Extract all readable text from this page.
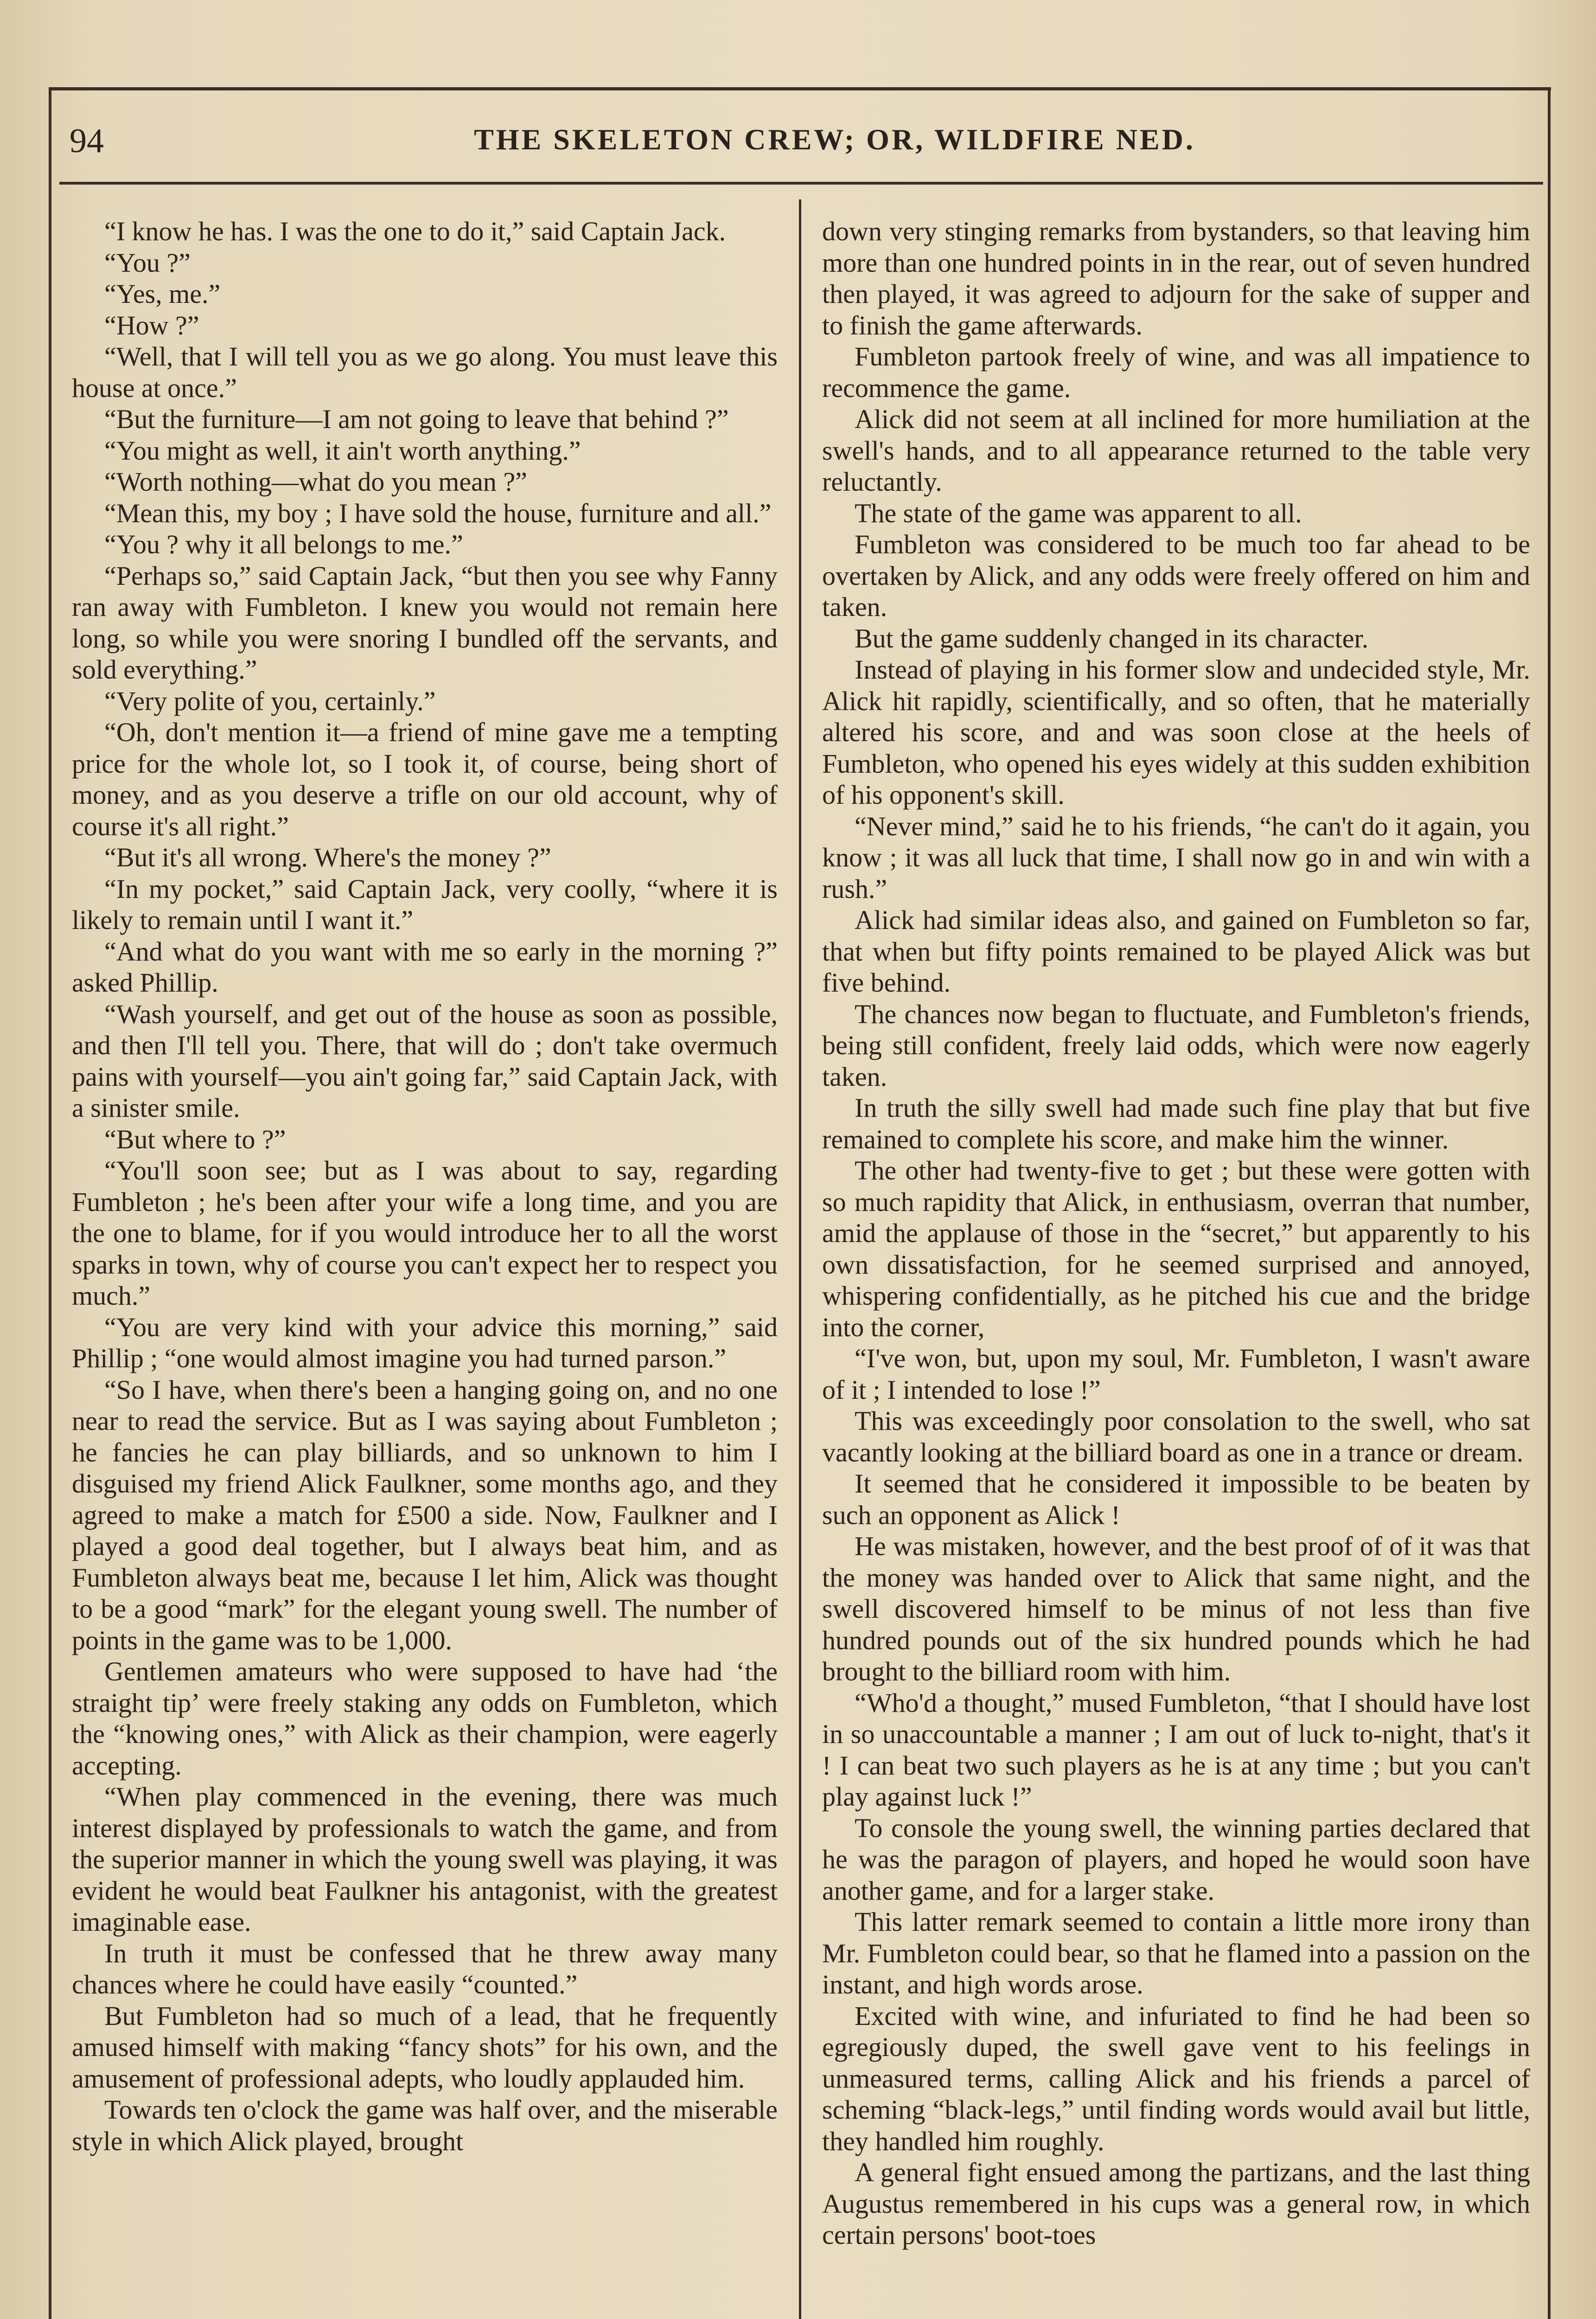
94	THE SKELETON CREW; OR, WILDFIRE NED.

“I know he has. I was the one to do it,” said Captain Jack.

“You ?”

“Yes, me.”

“How ?”

“Well, that I will tell you as we go along. You must leave this house at once.”

“But the furniture—I am not going to leave that behind ?”

“You might as well, it ain't worth anything.”

“Worth nothing—what do you mean ?”

“Mean this, my boy ; I have sold the house, furniture and all.”

“You ? why it all belongs to me.”

“Perhaps so,” said Captain Jack, “but then you see why Fanny ran away with Fumbleton. I knew you would not remain here long, so while you were snoring I bundled off the servants, and sold everything.”

“Very polite of you, certainly.”

“Oh, don't mention it—a friend of mine gave me a tempting price for the whole lot, so I took it, of course, being short of money, and as you deserve a trifle on our old account, why of course it's all right.”

“But it's all wrong. Where's the money ?”

“In my pocket,” said Captain Jack, very coolly, “where it is likely to remain until I want it.”

“And what do you want with me so early in the morning ?” asked Phillip.

“Wash yourself, and get out of the house as soon as possible, and then I'll tell you. There, that will do ; don't take overmuch pains with yourself—you ain't going far,” said Captain Jack, with a sinister smile.

“But where to ?”

“You'll soon see; but as I was about to say, regarding Fumbleton ; he's been after your wife a long time, and you are the one to blame, for if you would introduce her to all the worst sparks in town, why of course you can't expect her to respect you much.”

“You are very kind with your advice this morning,” said Phillip ; “one would almost imagine you had turned parson.”

“So I have, when there's been a hanging going on, and no one near to read the service. But as I was saying about Fumbleton ; he fancies he can play billiards, and so unknown to him I disguised my friend Alick Faulkner, some months ago, and they agreed to make a match for £500 a side. Now, Faulkner and I played a good deal together, but I always beat him, and as Fumbleton always beat me, because I let him, Alick was thought to be a good “mark” for the elegant young swell. The number of points in the game was to be 1,000.

Gentlemen amateurs who were supposed to have had ‘the straight tip’ were freely staking any odds on Fumbleton, which the “knowing ones,” with Alick as their champion, were eagerly accepting.

“When play commenced in the evening, there was much interest displayed by professionals to watch the game, and from the superior manner in which the young swell was playing, it was evident he would beat Faulkner his antagonist, with the greatest imaginable ease.

In truth it must be confessed that he threw away many chances where he could have easily “counted.”

But Fumbleton had so much of a lead, that he frequently amused himself with making “fancy shots” for his own, and the amusement of professional adepts, who loudly applauded him.

Towards ten o'clock the game was half over, and the miserable style in which Alick played, brought

down very stinging remarks from bystanders, so that leaving him more than one hundred points in in the rear, out of seven hundred then played, it was agreed to adjourn for the sake of supper and to finish the game afterwards.

Fumbleton partook freely of wine, and was all impatience to recommence the game.

Alick did not seem at all inclined for more humiliation at the swell's hands, and to all appearance returned to the table very reluctantly.

The state of the game was apparent to all.

Fumbleton was considered to be much too far ahead to be overtaken by Alick, and any odds were freely offered on him and taken.

But the game suddenly changed in its character.

Instead of playing in his former slow and undecided style, Mr. Alick hit rapidly, scientifically, and so often, that he materially altered his score, and and was soon close at the heels of Fumbleton, who opened his eyes widely at this sudden exhibition of his opponent's skill.

“Never mind,” said he to his friends, “he can't do it again, you know ; it was all luck that time, I shall now go in and win with a rush.”

Alick had similar ideas also, and gained on Fumbleton so far, that when but fifty points remained to be played Alick was but five behind.

The chances now began to fluctuate, and Fumbleton's friends, being still confident, freely laid odds, which were now eagerly taken.

In truth the silly swell had made such fine play that but five remained to complete his score, and make him the winner.

The other had twenty-five to get ; but these were gotten with so much rapidity that Alick, in enthusiasm, overran that number, amid the applause of those in the “secret,” but apparently to his own dissatisfaction, for he seemed surprised and annoyed, whispering confidentially, as he pitched his cue and the bridge into the corner,

“I've won, but, upon my soul, Mr. Fumbleton, I wasn't aware of it ; I intended to lose !”

This was exceedingly poor consolation to the swell, who sat vacantly looking at the billiard board as one in a trance or dream.

It seemed that he considered it impossible to be beaten by such an opponent as Alick !

He was mistaken, however, and the best proof of of it was that the money was handed over to Alick that same night, and the swell discovered himself to be minus of not less than five hundred pounds out of the six hundred pounds which he had brought to the billiard room with him.

“Who'd a thought,” mused Fumbleton, “that I should have lost in so unaccountable a manner ; I am out of luck to-night, that's it ! I can beat two such players as he is at any time ; but you can't play against luck !”

To console the young swell, the winning parties declared that he was the paragon of players, and hoped he would soon have another game, and for a larger stake.

This latter remark seemed to contain a little more irony than Mr. Fumbleton could bear, so that he flamed into a passion on the instant, and high words arose.

Excited with wine, and infuriated to find he had been so egregiously duped, the swell gave vent to his feelings in unmeasured terms, calling Alick and his friends a parcel of scheming “black-legs,” until finding words would avail but little, they handled him roughly.

A general fight ensued among the partizans, and the last thing Augustus remembered in his cups was a general row, in which certain persons' boot-toes
